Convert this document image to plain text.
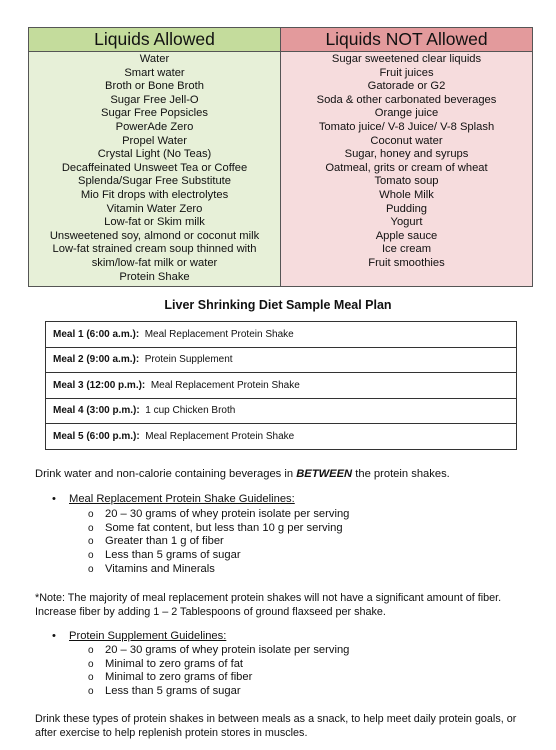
Liquids Allowed
Water
Smart water
Broth or Bone Broth
Sugar Free Jell-O
Sugar Free Popsicles
PowerAde Zero
Propel Water
Crystal Light (No Teas)
Decaffeinated Unsweet Tea or Coffee
Splenda/Sugar Free Substitute
Mio Fit drops with electrolytes
Vitamin Water Zero
Low-fat or Skim milk
Unsweetened soy, almond or coconut milk
Low-fat strained cream soup thinned with
skim/low-fat milk or water
Protein Shake
Liquids NOT Allowed
Sugar sweetened clear liquids
Fruit juices
Gatorade or G2
Soda & other carbonated beverages
Orange juice
Tomato juice/ V-8 Juice/ V-8 Splash
Coconut water
Sugar, honey and syrups
Oatmeal, grits or cream of wheat
Tomato soup
Whole Milk
Pudding
Yogurt
Apple sauce
Ice cream
Fruit smoothies
Liver Shrinking Diet Sample Meal Plan
Meal 1 (6:00 a.m.): Meal Replacement Protein Shake
Meal 2 (9:00 a.m.): Protein Supplement
Meal 3 (12:00 p.m.): Meal Replacement Protein Shake
Meal 4 (3:00 p.m.): 1 cup Chicken Broth
Meal 5 (6:00 p.m.): Meal Replacement Protein Shake
Drink water and non-calorie containing beverages in BETWEEN the protein shakes.
• Meal Replacement Protein Shake Guidelines:
o 20 – 30 grams of whey protein isolate per serving
o Some fat content, but less than 10 g per serving
o Greater than 1 g of fiber
o Less than 5 grams of sugar
o Vitamins and Minerals
*Note: The majority of meal replacement protein shakes will not have a significant amount of fiber. Increase fiber by adding 1 – 2 Tablespoons of ground flaxseed per shake.
• Protein Supplement Guidelines:
o 20 – 30 grams of whey protein isolate per serving
o Minimal to zero grams of fat
o Minimal to zero grams of fiber
o Less than 5 grams of sugar
Drink these types of protein shakes in between meals as a snack, to help meet daily protein goals, or after exercise to help replenish protein stores in muscles.
